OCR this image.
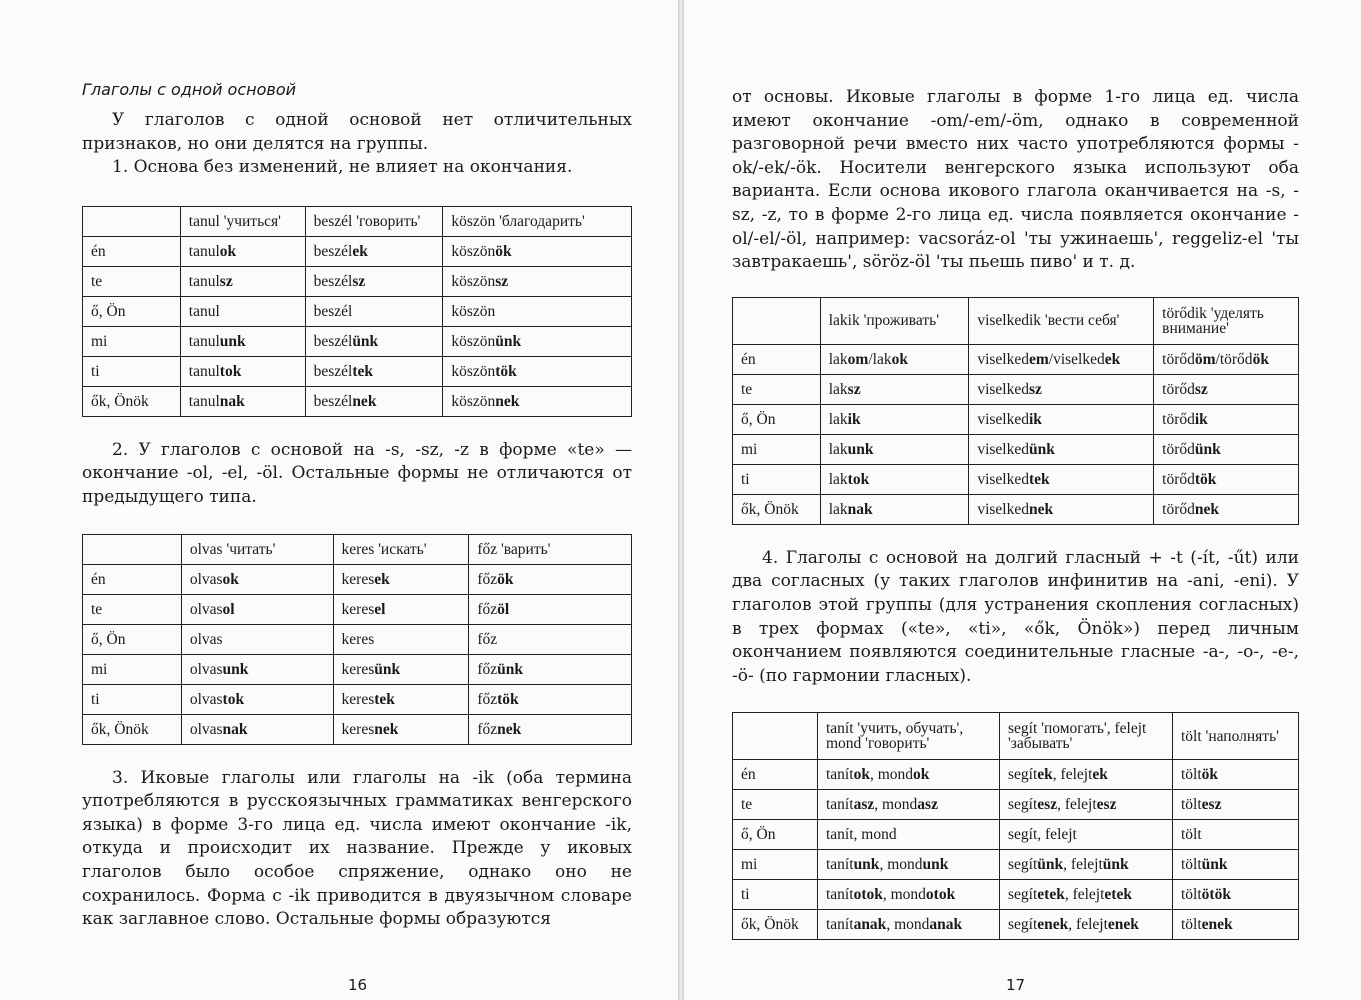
Глаголы с одной основой

У глаголов с одной основой нет отличительных признаков, но они делятся на группы.

1. Основа без изменений, не влияет на окончания.

	tanul 'учиться'	beszél 'говорить'	köszön 'благодарить'
én	tanulok	beszélek	köszönök
te	tanulsz	beszélsz	köszönsz
ő, Ön	tanul	beszél	köszön
mi	tanulunk	beszélünk	köszönünk
ti	tanultok	beszéltek	köszöntök
ők, Önök	tanulnak	beszélnek	köszönnek

2. У глаголов с основой на -s, -sz, -z в форме «te» — окончание -ol, -el, -öl. Остальные формы не отличаются от предыдущего типа.

	olvas 'читать'	keres 'искать'	főz 'варить'
én	olvasok	keresek	főzök
te	olvasol	keresel	főzöl
ő, Ön	olvas	keres	főz
mi	olvasunk	keresünk	főzünk
ti	olvastok	kerestek	főztök
ők, Önök	olvasnak	keresnek	főznek

3. Иковые глаголы или глаголы на -ik (оба термина употребляются в русскоязычных грамматиках венгерского языка) в форме 3-го лица ед. числа имеют окончание -ik, откуда и происходит их название. Прежде у иковых глаголов было особое спряжение, однако оно не сохранилось. Форма с -ik приводится в двуязычном словаре как заглавное слово. Остальные формы образуются

16

от основы. Иковые глаголы в форме 1-го лица ед. числа имеют окончание -om/-em/-öm, однако в современной разговорной речи вместо них часто употребляются формы -ok/-ek/-ök. Носители венгерского языка используют оба варианта. Если основа икового глагола оканчивается на -s, -sz, -z, то в форме 2-го лица ед. числа появляется окончание -ol/-el/-öl, например: vacsoráz-ol 'ты ужинаешь', reggeliz-el 'ты завтракаешь', söröz-öl 'ты пьешь пиво' и т. д.

	lakik 'проживать'	viselkedik 'вести себя'	törődik 'уделять внимание'
én	lakom/lakok	viselkedem/viselkedek	törődöm/törődök
te	laksz	viselkedsz	törődsz
ő, Ön	lakik	viselkedik	törődik
mi	lakunk	viselkedünk	törődünk
ti	laktok	viselkedtek	törődtök
ők, Önök	laknak	viselkednek	törődnek

4. Глаголы с основой на долгий гласный + -t (-ít, -űt) или два согласных (у таких глаголов инфинитив на -ani, -eni). У глаголов этой группы (для устранения скопления согласных) в трех формах («te», «ti», «ők, Önök») перед личным окончанием появляются соединительные гласные -a-, -o-, -e-, -ö- (по гармонии гласных).

	tanít 'учить, обучать', mond 'говорить'	segít 'помогать', felejt 'забывать'	tölt 'наполнять'
én	tanítok, mondok	segítek, felejtek	töltök
te	tanítasz, mondasz	segítesz, felejtesz	töltesz
ő, Ön	tanít, mond	segít, felejt	tölt
mi	tanítunk, mondunk	segítünk, felejtünk	töltünk
ti	tanítotok, mondotok	segítetek, felejtetek	töltötök
ők, Önök	tanítanak, mondanak	segítenek, felejtenek	töltenek
17
